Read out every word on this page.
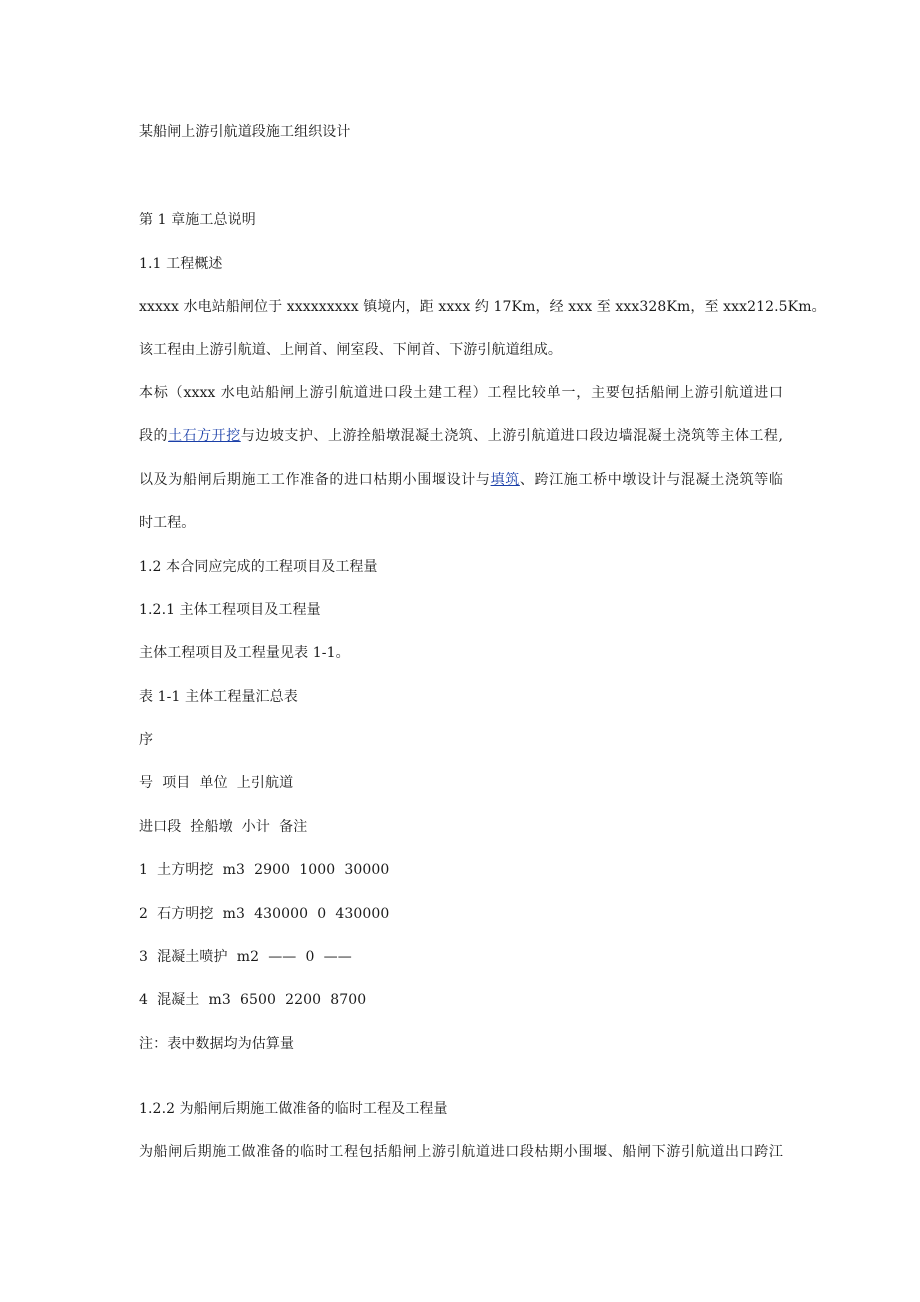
某船闸上游引航道段施工组织设计
第 1 章施工总说明
1.1 工程概述
xxxxx 水电站船闸位于 xxxxxxxxx 镇境内，距 xxxx 约 17Km，经 xxx 至 xxx328Km，至 xxx212.5Km。
该工程由上游引航道、上闸首、闸室段、下闸首、下游引航道组成。
本标（xxxx 水电站船闸上游引航道进口段土建工程）工程比较单一，主要包括船闸上游引航道进口
段的土石方开挖与边坡支护、上游拴船墩混凝土浇筑、上游引航道进口段边墙混凝土浇筑等主体工程,
以及为船闸后期施工工作准备的进口枯期小围堰设计与填筑、跨江施工桥中墩设计与混凝土浇筑等临
时工程。
1.2 本合同应完成的工程项目及工程量
1.2.1 主体工程项目及工程量
主体工程项目及工程量见表 1-1。
表 1-1 主体工程量汇总表
序
号  项目  单位  上引航道
进口段  拴船墩  小计  备注
1  土方明挖  m3  2900  1000  30000
2  石方明挖  m3  430000  0  430000
3  混凝土喷护  m2  ——  0  ——
4  混凝土  m3  6500  2200  8700
注：表中数据均为估算量
1.2.2 为船闸后期施工做准备的临时工程及工程量
为船闸后期施工做准备的临时工程包括船闸上游引航道进口段枯期小围堰、船闸下游引航道出口跨江
